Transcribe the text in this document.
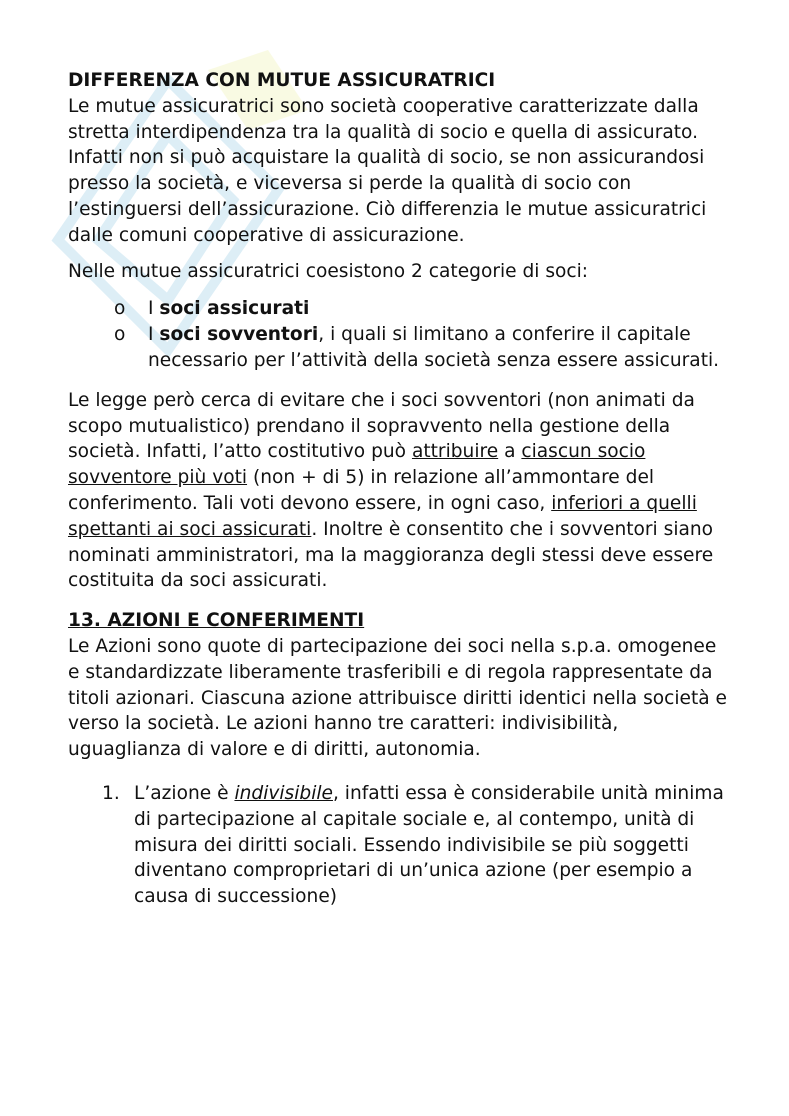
DIFFERENZA CON MUTUE ASSICURATRICI

Le mutue assicuratrici sono società cooperative caratterizzate dalla stretta interdipendenza tra la qualità di socio e quella di assicurato. Infatti non si può acquistare la qualità di socio, se non assicurandosi presso la società, e viceversa si perde la qualità di socio con l’estinguersi dell’assicurazione. Ciò differenzia le mutue assicuratrici dalle comuni cooperative di assicurazione.

Nelle mutue assicuratrici coesistono 2 categorie di soci:

o I soci assicurati
o I soci sovventori, i quali si limitano a conferire il capitale necessario per l’attività della società senza essere assicurati.

Le legge però cerca di evitare che i soci sovventori (non animati da scopo mutualistico) prendano il sopravvento nella gestione della società. Infatti, l’atto costitutivo può attribuire a ciascun socio sovventore più voti (non + di 5) in relazione all’ammontare del conferimento. Tali voti devono essere, in ogni caso, inferiori a quelli spettanti ai soci assicurati. Inoltre è consentito che i sovventori siano nominati amministratori, ma la maggioranza degli stessi deve essere costituita da soci assicurati.

13. AZIONI E CONFERIMENTI

Le Azioni sono quote di partecipazione dei soci nella s.p.a. omogenee e standardizzate liberamente trasferibili e di regola rappresentate da titoli azionari. Ciascuna azione attribuisce diritti identici nella società e verso la società. Le azioni hanno tre caratteri: indivisibilità, uguaglianza di valore e di diritti, autonomia.

1. L’azione è indivisibile, infatti essa è considerabile unità minima di partecipazione al capitale sociale e, al contempo, unità di misura dei diritti sociali. Essendo indivisibile se più soggetti diventano comproprietari di un’unica azione (per esempio a causa di successione)
